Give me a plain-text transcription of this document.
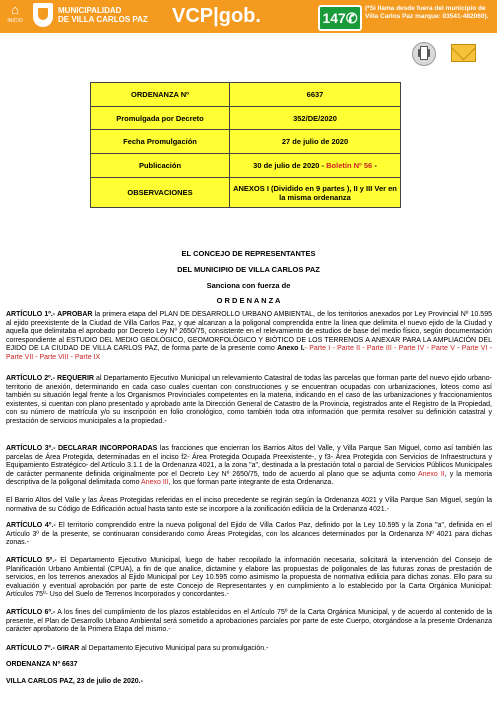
⌂
INICIO
MUNICIPALIDAD
DE VILLA CARLOS PAZ VCP|gob.	147✆
(*Si llama desde fuera del municipio de Villa Carlos Paz marque: 03541-482060).
ORDENANZA Nº	6637
Promulgada por Decreto	352/DE/2020
Fecha Promulgación	27 de julio de 2020
Publicación	30 de julio de 2020 - Boletín Nº 56 -
OBSERVACIONES	ANEXOS I (Dividido en 9 partes ), II y III Ver en la misma ordenanza
EL CONCEJO DE REPRESENTANTES
DEL MUNICIPIO DE VILLA CARLOS PAZ
Sanciona con fuerza de
O R D E N A N Z A
ARTÍCULO 1º.- APROBAR la primera etapa del PLAN DE DESARROLLO URBANO AMBIENTAL, de los territorios anexados por Ley Provincial Nº 10.595 al ejido preexistente de la Ciudad de Villa Carlos Paz, y que alcanzan a la poligonal comprendida entre la línea que delimita el nuevo ejido de la Ciudad y aquella que delimitaba el aprobado por Decreto Ley Nº 2650/75, consistente en el relevamiento de estudios de base del medio físico, según documentación correspondiente al ESTUDIO DEL MEDIO GEOLÓGICO, GEOMORFOLÓGICO Y BIÓTICO DE LOS TERRENOS A ANEXAR PARA LA AMPLIACIÓN DEL EJIDO DE LA CIUDAD DE VILLA CARLOS PAZ, de forma parte de la presente como Anexo I.- Parte I - Parte II - Parte III - Parte IV - Parte V - Parte VI - Parte VII - Parte VIII - Parte IX
ARTÍCULO 2º.- REQUERIR al Departamento Ejecutivo Municipal un relevamiento Catastral de todas las parcelas que forman parte del nuevo ejido urbano-territorio de anexión, determinando en cada caso cuales cuentan con construcciones y se encuentran ocupadas con urbanizaciones, loteos como así también su situación legal frente a los Organismos Provinciales competentes en la materia, indicando en el caso de las urbanizaciones y fraccionamientos existentes, si cuentan con plano presentado y aprobado ante la Dirección General de Catastro de la Provincia, registrados ante el Registro de la Propiedad, con su número de matrícula y/o su inscripción en folio cronológico, como también toda otra información que permita resolver su definición catastral y prestación de servicios municipales a la propiedad.-
ARTÍCULO 3º.- DECLARAR INCORPORADAS las fracciones que encierran los Barrios Altos del Valle, y Villa Parque San Miguel, como así también las parcelas de Área Protegida, determinadas en el inciso f2- Área Protegida Ocupada Preexistente-, y f3- Área Protegida con Servicios de Infraestructura y Equipamiento Estratégico- del Artículo 3.1.1 de la Ordenanza 4021, a la zona "a", destinada a la prestación total o parcial de Servicios Públicos Municipales de carácter permanente definida originalmente por el Decreto Ley Nº 2650/75, todo de acuerdo al plano que se adjunta como Anexo II, y la memoria descriptiva de la poligonal delimitada como Anexo III, los que forman parte integrante de esta Ordenanza.
El Barrio Altos del Valle y las Áreas Protegidas referidas en el inciso precedente se regirán según la Ordenanza 4021 y Villa Parque San Miguel, según la normativa de su Código de Edificación actual hasta tanto este se incorpore a la zonificación edilicia de la Ordenanza 4021.-
ARTÍCULO 4º.- El territorio comprendido entre la nueva poligonal del Ejido de Villa Carlos Paz, definido por la Ley 10.595 y la Zona "a", definida en el Artículo 3º de la presente, se continuaran considerando como Áreas Protegidas, con los alcances determinados por la Ordenanza Nº 4021 para dichas zonas.-
ARTÍCULO 5º.- El Departamento Ejecutivo Municipal, luego de haber recopilado la información necesaria, solicitará la intervención del Consejo de Planificación Urbano Ambiental (CPUA), a fin de que analice, dictamine y elabore las propuestas de poligonales de las futuras zonas de prestación de servicios, en los terrenos anexados al Ejido Municipal por Ley 10.595 como asimismo la propuesta de normativa edilicia para dichas zonas. Ello para su evaluación y eventual aprobación por parte de este Concejo de Representantes y en cumplimiento a lo establecido por la Carta Orgánica Municipal: Artículos 75º- Uso del Suelo de Terrenos Incorporados y concordantes.-
ARTÍCULO 6º.- A los fines del cumplimiento de los plazos establecidos en el Artículo 75º de la Carta Orgánica Municipal, y de acuerdo al contenido de la presente, el Plan de Desarrollo Urbano Ambiental será sometido a aprobaciones parciales por parte de este Cuerpo, otorgándose a la presente Ordenanza carácter aprobatorio de la Primera Etapa del mismo.-
ARTÍCULO 7º.- GIRAR al Departamento Ejecutivo Municipal para su promulgación.-
ORDENANZA Nº 6637
VILLA CARLOS PAZ, 23 de julio de 2020.-
